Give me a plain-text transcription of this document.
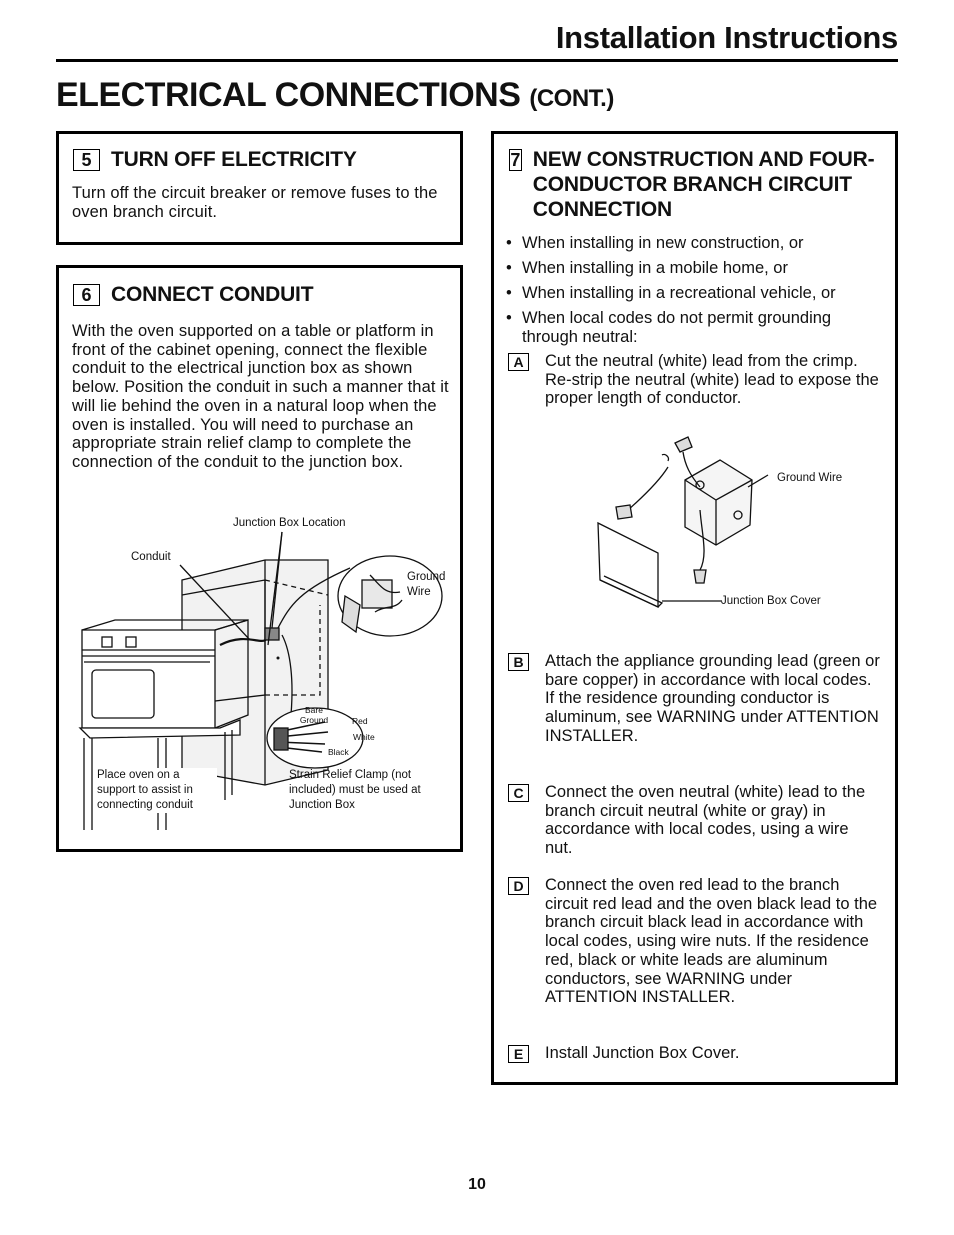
Installation Instructions
ELECTRICAL CONNECTIONS (CONT.)
5 TURN OFF ELECTRICITY
Turn off the circuit breaker or remove fuses to the oven branch circuit.
6 CONNECT CONDUIT
With the oven supported on a table or platform in front of the cabinet opening, connect the flexible conduit to the electrical junction box as shown below. Position the conduit in such a manner that it will lie behind the oven in a natural loop when the oven is installed. You will need to purchase an appropriate strain relief clamp to complete the connection of the conduit to the junction box.
Junction Box Location
Conduit
Ground Wire
Bare Ground	Red
White
Black
Place oven on a support to assist in connecting conduit
Strain Relief Clamp (not included) must be used at Junction Box
7 NEW CONSTRUCTION AND FOUR-CONDUCTOR BRANCH CIRCUIT CONNECTION
• When installing in new construction, or
• When installing in a mobile home, or
• When installing in a recreational vehicle, or
• When local codes do not permit grounding through neutral:
A	Cut the neutral (white) lead from the crimp. Re-strip the neutral (white) lead to expose the proper length of conductor.
Ground Wire
Junction Box Cover
B	Attach the appliance grounding lead (green or bare copper) in accordance with local codes. If the residence grounding conductor is aluminum, see WARNING under ATTENTION INSTALLER.
C	Connect the oven neutral (white) lead to the branch circuit neutral (white or gray) in accordance with local codes, using a wire nut.
D	Connect the oven red lead to the branch circuit red lead and the oven black lead to the branch circuit black lead in accordance with local codes, using wire nuts. If the residence red, black or white leads are aluminum conductors, see WARNING under ATTENTION INSTALLER.
E	Install Junction Box Cover.
10
